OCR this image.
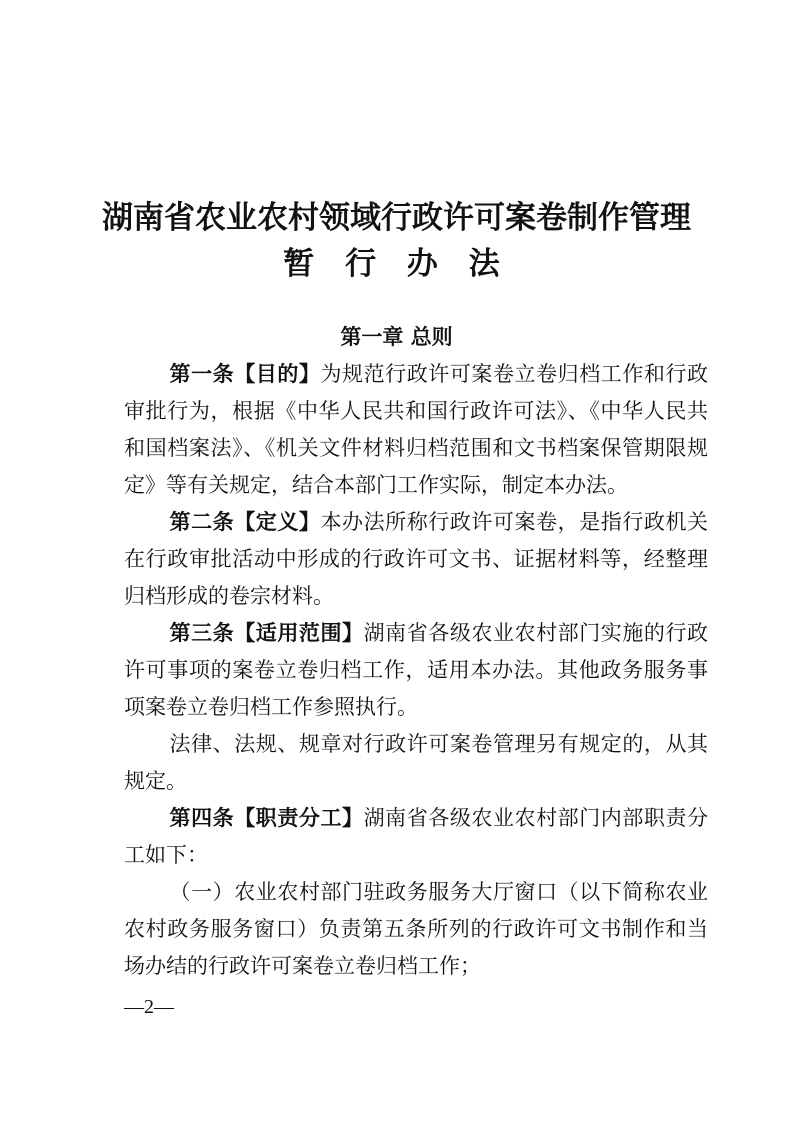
湖南省农业农村领域行政许可案卷制作管理
暂 行 办 法
第一章 总则
第一条【目的】为规范行政许可案卷立卷归档工作和行政审批行为，根据《中华人民共和国行政许可法》、《中华人民共和国档案法》、《机关文件材料归档范围和文书档案保管期限规定》等有关规定，结合本部门工作实际，制定本办法。
第二条【定义】本办法所称行政许可案卷，是指行政机关在行政审批活动中形成的行政许可文书、证据材料等，经整理归档形成的卷宗材料。
第三条【适用范围】湖南省各级农业农村部门实施的行政许可事项的案卷立卷归档工作，适用本办法。其他政务服务事项案卷立卷归档工作参照执行。
法律、法规、规章对行政许可案卷管理另有规定的，从其规定。
第四条【职责分工】湖南省各级农业农村部门内部职责分工如下：
（一）农业农村部门驻政务服务大厅窗口（以下简称农业农村政务服务窗口）负责第五条所列的行政许可文书制作和当场办结的行政许可案卷立卷归档工作；
—2—
